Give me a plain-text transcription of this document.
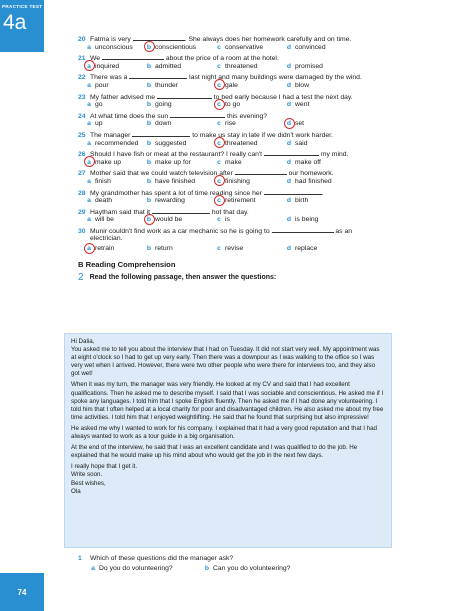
PRACTICE TEST
4a
74
20 Fatma is very	. She always does her homework carefully and on time.
a unconscious b conscientious	c conservative	d convinced
21 We	about the price of a room at the hotel.
a inquired	b admitted	c threatened	d promised
22 There was a	last night and many buildings were damaged by the wind.
a pour	b thunder	c gale	d blow
23 My father advised me	to bed early because I had a test the next day.
a go	b going	c to go	d went
24 At what time does the sun	this evening?
a up	b down	c rise	d set
25 The manager	to make us stay in late if we didn't work harder.
a recommended b suggested	c threatened	d said
26 Should I have fish or meat at the restaurant? I really can't	my mind.
a make up	b make up for	c make	d make off
27 Mother said that we could watch television after	our homework.
a finish	b have finished	c finishing	d had finished
28 My grandmother has spent a lot of time reading since her	.
a death	b rewarding	c retirement	d birth
29 Haytham said that it	hot that day.
a will be	b would be	c is	d is being
30 Munir couldn't find work as a car mechanic so he is going to	as an
electrician.
a retrain	b return	c revise	d replace
B Reading Comprehension
2 Read the following passage, then answer the questions:

Hi Dalia,

You asked me to tell you about the interview that I had on Tuesday. It did not start very well. My appointment was at eight o'clock so I had to get up very early. Then there was a downpour as I was walking to the office so I was very wet when I arrived. However, there were two other people who were there for interviews too, and they also got wet!

When it was my turn, the manager was very friendly. He looked at my CV and said that I had excellent qualifications. Then he asked me to describe myself. I said that I was sociable and conscientious. He asked me if I spoke any languages. I told him that I spoke English fluently. Then he asked me if I had done any volunteering. I told him that I often helped at a local charity for poor and disadvantaged children. He also asked me about my free time activities. I told him that I enjoyed weightlifting. He said that he found that surprising but also impressive!

He asked me why I wanted to work for his company. I explained that it had a very good reputation and that I had always wanted to work as a tour guide in a big organisation.

At the end of the interview, he said that I was an excellent candidate and I was qualified to do the job. He explained that he would make up his mind about who would get the job in the next few days.

I really hope that I get it.

Write soon.

Best wishes,

Ola

1 Which of these questions did the manager ask?
a Do you do volunteering?	b Can you do volunteering?
